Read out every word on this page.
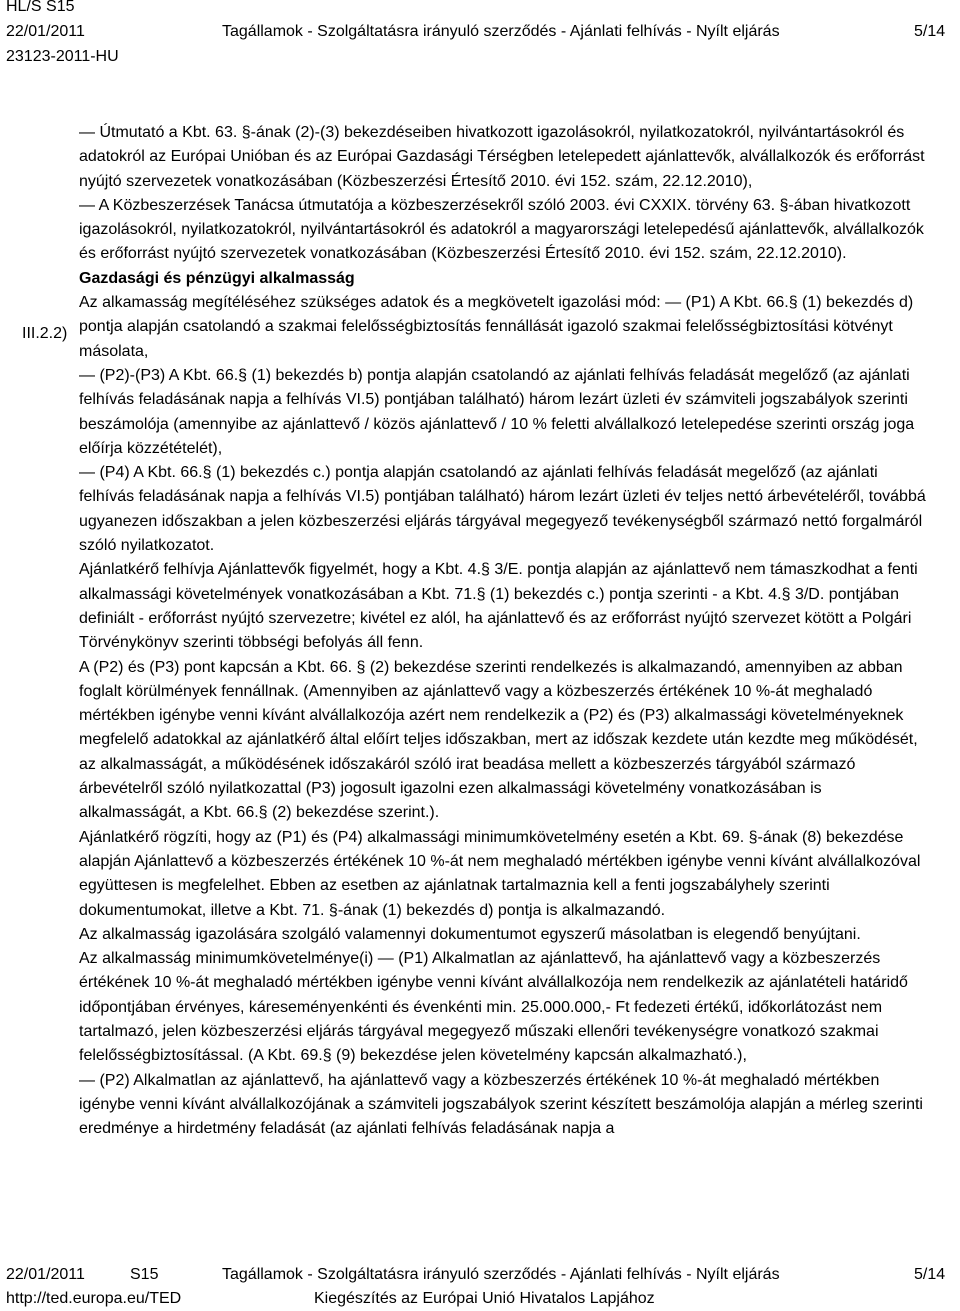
HL/S S15
22/01/2011
23123-2011-HU
Tagállamok - Szolgáltatásra irányuló szerződés - Ajánlati felhívás - Nyílt eljárás	5/14
III.2.2)

— Útmutató a Kbt. 63. §-ának (2)-(3) bekezdéseiben hivatkozott igazolásokról, nyilatkozatokról, nyilvántartásokról és adatokról az Európai Unióban és az Európai Gazdasági Térségben letelepedett ajánlattevők, alvállalkozók és erőforrást nyújtó szervezetek vonatkozásában (Közbeszerzési Értesítő 2010. évi 152. szám, 22.12.2010),

— A Közbeszerzések Tanácsa útmutatója a közbeszerzésekről szóló 2003. évi CXXIX. törvény 63. §-ában hivatkozott igazolásokról, nyilatkozatokról, nyilvántartásokról és adatokról a magyarországi letelepedésű ajánlattevők, alvállalkozók és erőforrást nyújtó szervezetek vonatkozásában (Közbeszerzési Értesítő 2010. évi 152. szám, 22.12.2010).

Gazdasági és pénzügyi alkalmasság

Az alkamasság megítéléséhez szükséges adatok és a megkövetelt igazolási mód: — (P1) A Kbt. 66.§ (1) bekezdés d) pontja alapján csatolandó a szakmai felelősségbiztosítás fennállását igazoló szakmai felelősségbiztosítási kötvényt másolata,

— (P2)-(P3) A Kbt. 66.§ (1) bekezdés b) pontja alapján csatolandó az ajánlati felhívás feladását megelőző (az ajánlati felhívás feladásának napja a felhívás VI.5) pontjában található) három lezárt üzleti év számviteli jogszabályok szerinti beszámolója (amennyibe az ajánlattevő / közös ajánlattevő / 10 % feletti alvállalkozó letelepedése szerinti ország joga előírja közzétételét),

— (P4) A Kbt. 66.§ (1) bekezdés c.) pontja alapján csatolandó az ajánlati felhívás feladását megelőző (az ajánlati felhívás feladásának napja a felhívás VI.5) pontjában található) három lezárt üzleti év teljes nettó árbevételéről, továbbá ugyanezen időszakban a jelen közbeszerzési eljárás tárgyával megegyező tevékenységből származó nettó forgalmáról szóló nyilatkozatot.

Ajánlatkérő felhívja Ajánlattevők figyelmét, hogy a Kbt. 4.§ 3/E. pontja alapján az ajánlattevő nem támaszkodhat a fenti alkalmassági követelmények vonatkozásában a Kbt. 71.§ (1) bekezdés c.) pontja szerinti - a Kbt. 4.§ 3/D. pontjában definiált - erőforrást nyújtó szervezetre; kivétel ez alól, ha ajánlattevő és az erőforrást nyújtó szervezet kötött a Polgári Törvénykönyv szerinti többségi befolyás áll fenn.

A (P2) és (P3) pont kapcsán a Kbt. 66. § (2) bekezdése szerinti rendelkezés is alkalmazandó, amennyiben az abban foglalt körülmények fennállnak. (Amennyiben az ajánlattevő vagy a közbeszerzés értékének 10 %-át meghaladó mértékben igénybe venni kívánt alvállalkozója azért nem rendelkezik a (P2) és (P3) alkalmassági követelményeknek megfelelő adatokkal az ajánlatkérő által előírt teljes időszakban, mert az időszak kezdete után kezdte meg működését, az alkalmasságát, a működésének időszakáról szóló irat beadása mellett a közbeszerzés tárgyából származó árbevételről szóló nyilatkozattal (P3) jogosult igazolni ezen alkalmassági követelmény vonatkozásában is alkalmasságát, a Kbt. 66.§ (2) bekezdése szerint.).

Ajánlatkérő rögzíti, hogy az (P1) és (P4) alkalmassági minimumkövetelmény esetén a Kbt. 69. §-ának (8) bekezdése alapján Ajánlattevő a közbeszerzés értékének 10 %-át nem meghaladó mértékben igénybe venni kívánt alvállalkozóval együttesen is megfelelhet. Ebben az esetben az ajánlatnak tartalmaznia kell a fenti jogszabályhely szerinti dokumentumokat, illetve a Kbt. 71. §-ának (1) bekezdés d) pontja is alkalmazandó.

Az alkalmasság igazolására szolgáló valamennyi dokumentumot egyszerű másolatban is elegendő benyújtani.

Az alkalmasság minimumkövetelménye(i) — (P1) Alkalmatlan az ajánlattevő, ha ajánlattevő vagy a közbeszerzés értékének 10 %-át meghaladó mértékben igénybe venni kívánt alvállalkozója nem rendelkezik az ajánlatételi határidő időpontjában érvényes, káreseményenkénti és évenkénti min. 25.000.000,- Ft fedezeti értékű, időkorlátozást nem tartalmazó, jelen közbeszerzési eljárás tárgyával megegyező műszaki ellenőri tevékenységre vonatkozó szakmai felelősségbiztosítással. (A Kbt. 69.§ (9) bekezdése jelen követelmény kapcsán alkalmazható.),

— (P2) Alkalmatlan az ajánlattevő, ha ajánlattevő vagy a közbeszerzés értékének 10 %-át meghaladó mértékben igénybe venni kívánt alvállalkozójának a számviteli jogszabályok szerint készített beszámolója alapján a mérleg szerinti eredménye a hirdetmény feladását (az ajánlati felhívás feladásának napja a

22/01/2011	S15	Tagállamok - Szolgáltatásra irányuló szerződés - Ajánlati felhívás - Nyílt eljárás	5/14
http://ted.europa.eu/TED	Kiegészítés az Európai Unió Hivatalos Lapjához
